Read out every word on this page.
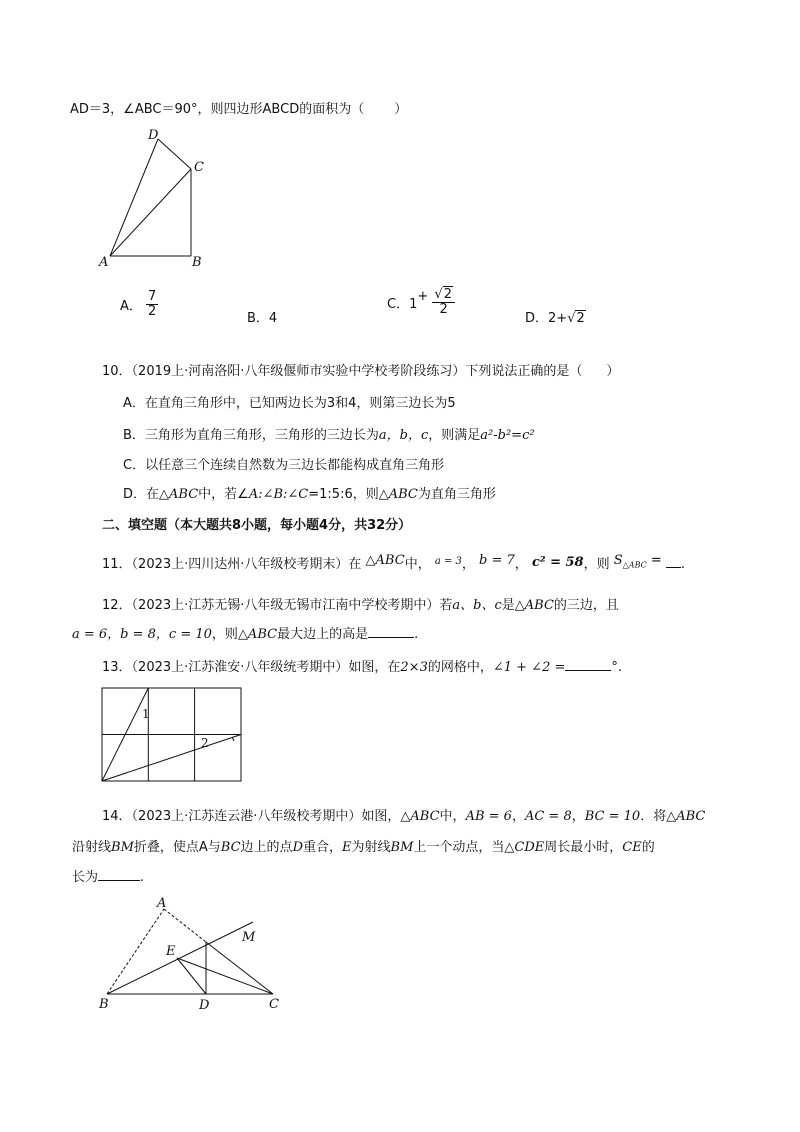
AD＝3，∠ABC＝90°，则四边形ABCD的面积为（ ）
D
C
A	B
A． $\frac{7}{2}$	B．4
C．$1+ \frac{√2}{2}$
D．2+√2
10．（2019上·河南洛阳·八年级偃师市实验中学校考阶段练习）下列说法正确的是（ ）
A．在直角三角形中，已知两边长为3和4，则第三边长为5
B．三角形为直角三角形，三角形的三边长为a，b，c，则满足a²-b²=c²
C．以任意三个连续自然数为三边长都能构成直角三角形
D．在△ABC中，若∠A:∠B:∠C=1:5:6，则△ABC为直角三角形
二、填空题（本大题共8小题，每小题4分，共32分）
11．（2023上·四川达州·八年级校考期末）在 △ABC中， $^{a = 3}$， b = 7， c² = 58，则 $S_{\triangle ABC}$ = .
12．（2023上·江苏无锡·八年级无锡市江南中学校考期中）若a、b、c是△ABC的三边，且
a = 6，b = 8，c = 10，则△ABC最大边上的高是	.
13．（2023上·江苏淮安·八年级统考期中）如图，在2×3的网格中，∠1 + ∠2 =	°.
1
2
14．（2023上·江苏连云港·八年级校考期中）如图，△ABC中，AB = 6，AC = 8，BC = 10．将△ABC
沿射线BM折叠，使点A与BC边上的点D重合，E为射线BM上一个动点，当△CDE周长最小时，CE的
长为	.
A
M
E
B	D	C
